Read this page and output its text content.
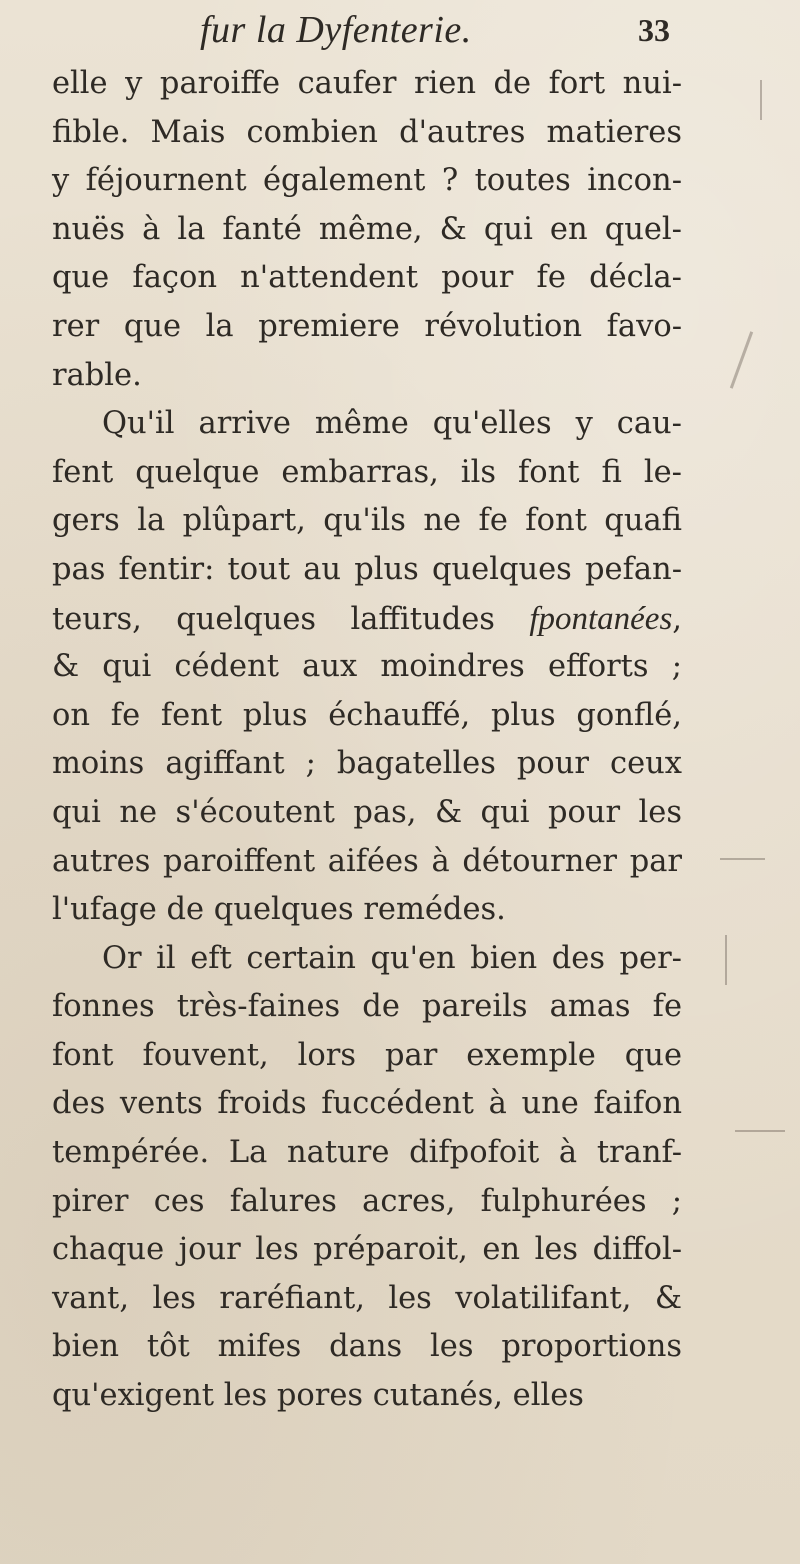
fur la Dyfenterie.	33
elle y paroiffe caufer rien de fort nui-
fible. Mais combien d'autres matieres
y féjournent également ? toutes incon-
nuës à la fanté même, & qui en quel-
que façon n'attendent pour fe décla-
rer que la premiere révolution favo-
rable.
Qu'il arrive même qu'elles y cau-
fent quelque embarras, ils font fi le-
gers la plûpart, qu'ils ne fe font quafi
pas fentir: tout au plus quelques pefan-
teurs, quelques laffitudes fpontanées,
& qui cédent aux moindres efforts ;
on fe fent plus échauffé, plus gonflé,
moins agiffant ; bagatelles pour ceux
qui ne s'écoutent pas, & qui pour les
autres paroiffent aifées à détourner par
l'ufage de quelques remédes.
Or il eft certain qu'en bien des per-
fonnes très-faines de pareils amas fe
font fouvent, lors par exemple que
des vents froids fuccédent à une faifon
tempérée. La nature difpofoit à tranf-
pirer ces falures acres, fulphurées ;
chaque jour les préparoit, en les diffol-
vant, les raréfiant, les volatilifant, &
bien tôt mifes dans les proportions
qu'exigent les pores cutanés, elles
